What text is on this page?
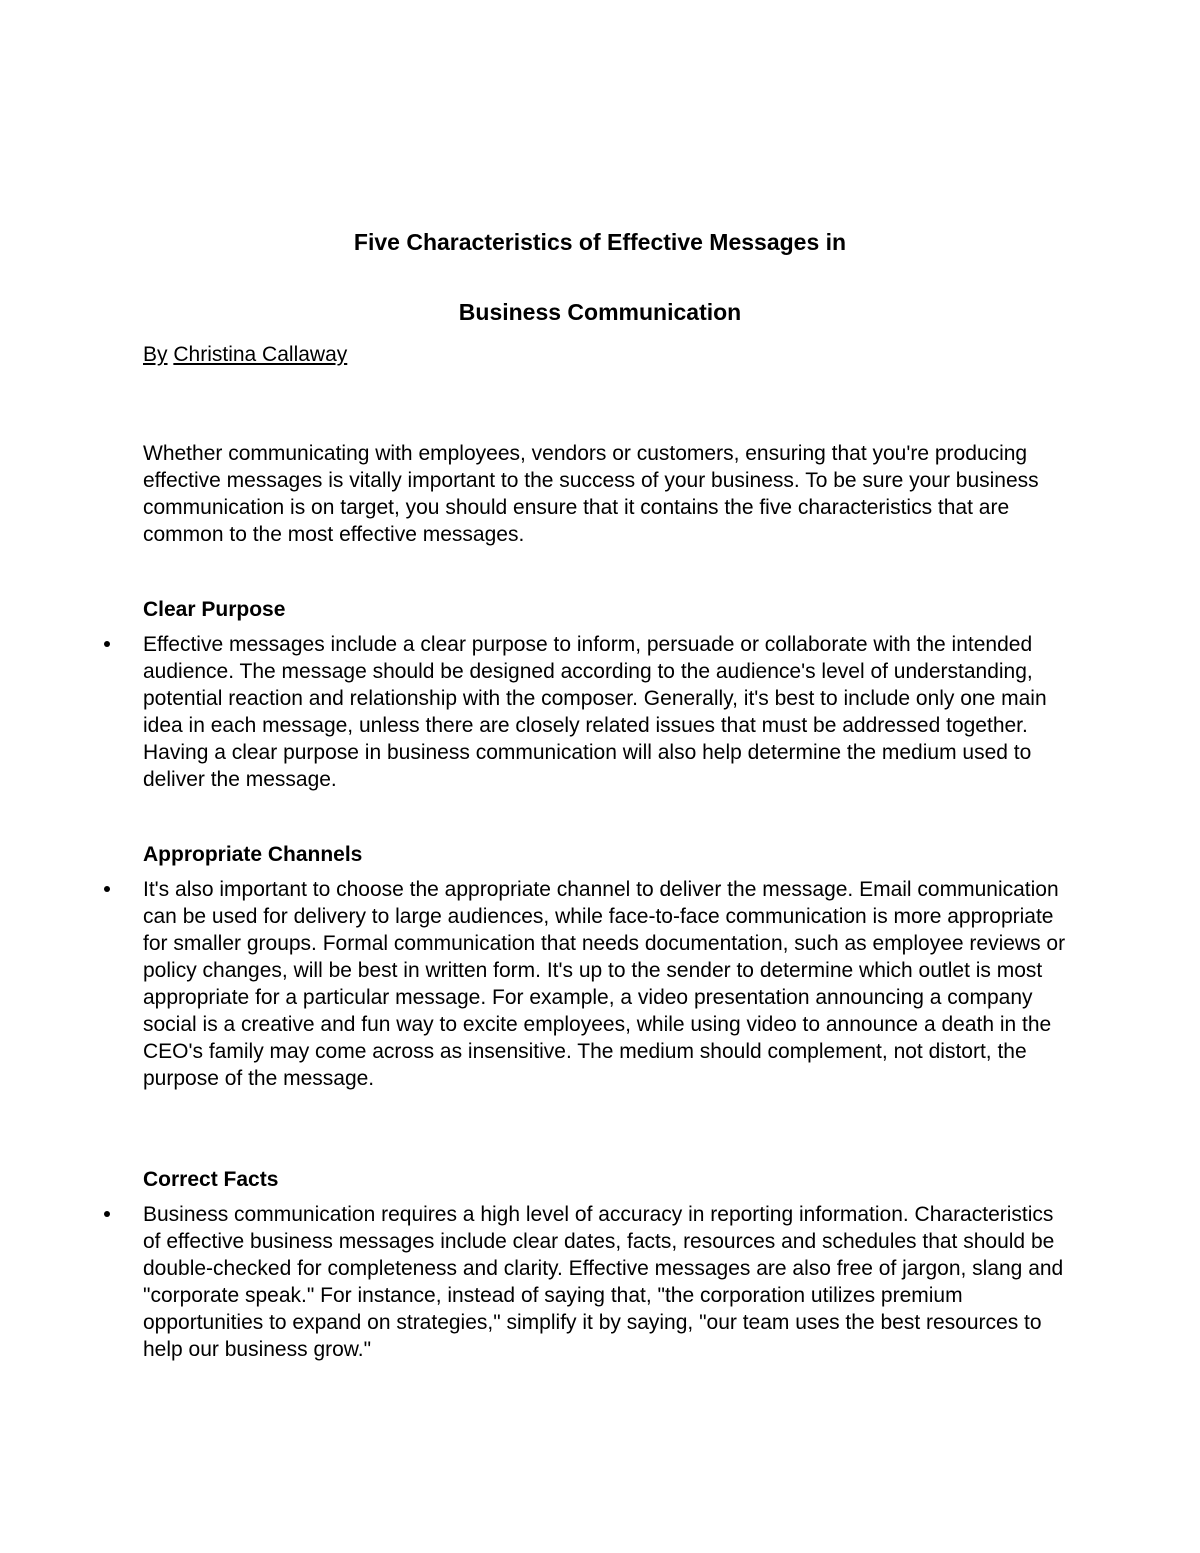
Five Characteristics of Effective Messages in
Business Communication

By Christina Callaway

Whether communicating with employees, vendors or customers, ensuring that you're producing effective messages is vitally important to the success of your business. To be sure your business communication is on target, you should ensure that it contains the five characteristics that are common to the most effective messages.

Clear Purpose

Effective messages include a clear purpose to inform, persuade or collaborate with the intended audience. The message should be designed according to the audience's level of understanding, potential reaction and relationship with the composer. Generally, it's best to include only one main idea in each message, unless there are closely related issues that must be addressed together. Having a clear purpose in business communication will also help determine the medium used to deliver the message.

Appropriate Channels

It's also important to choose the appropriate channel to deliver the message. Email communication can be used for delivery to large audiences, while face-to-face communication is more appropriate for smaller groups. Formal communication that needs documentation, such as employee reviews or policy changes, will be best in written form. It's up to the sender to determine which outlet is most appropriate for a particular message. For example, a video presentation announcing a company social is a creative and fun way to excite employees, while using video to announce a death in the CEO's family may come across as insensitive. The medium should complement, not distort, the purpose of the message.

Correct Facts

Business communication requires a high level of accuracy in reporting information. Characteristics of effective business messages include clear dates, facts, resources and schedules that should be double-checked for completeness and clarity. Effective messages are also free of jargon, slang and "corporate speak." For instance, instead of saying that, "the corporation utilizes premium opportunities to expand on strategies," simplify it by saying, "our team uses the best resources to help our business grow."
